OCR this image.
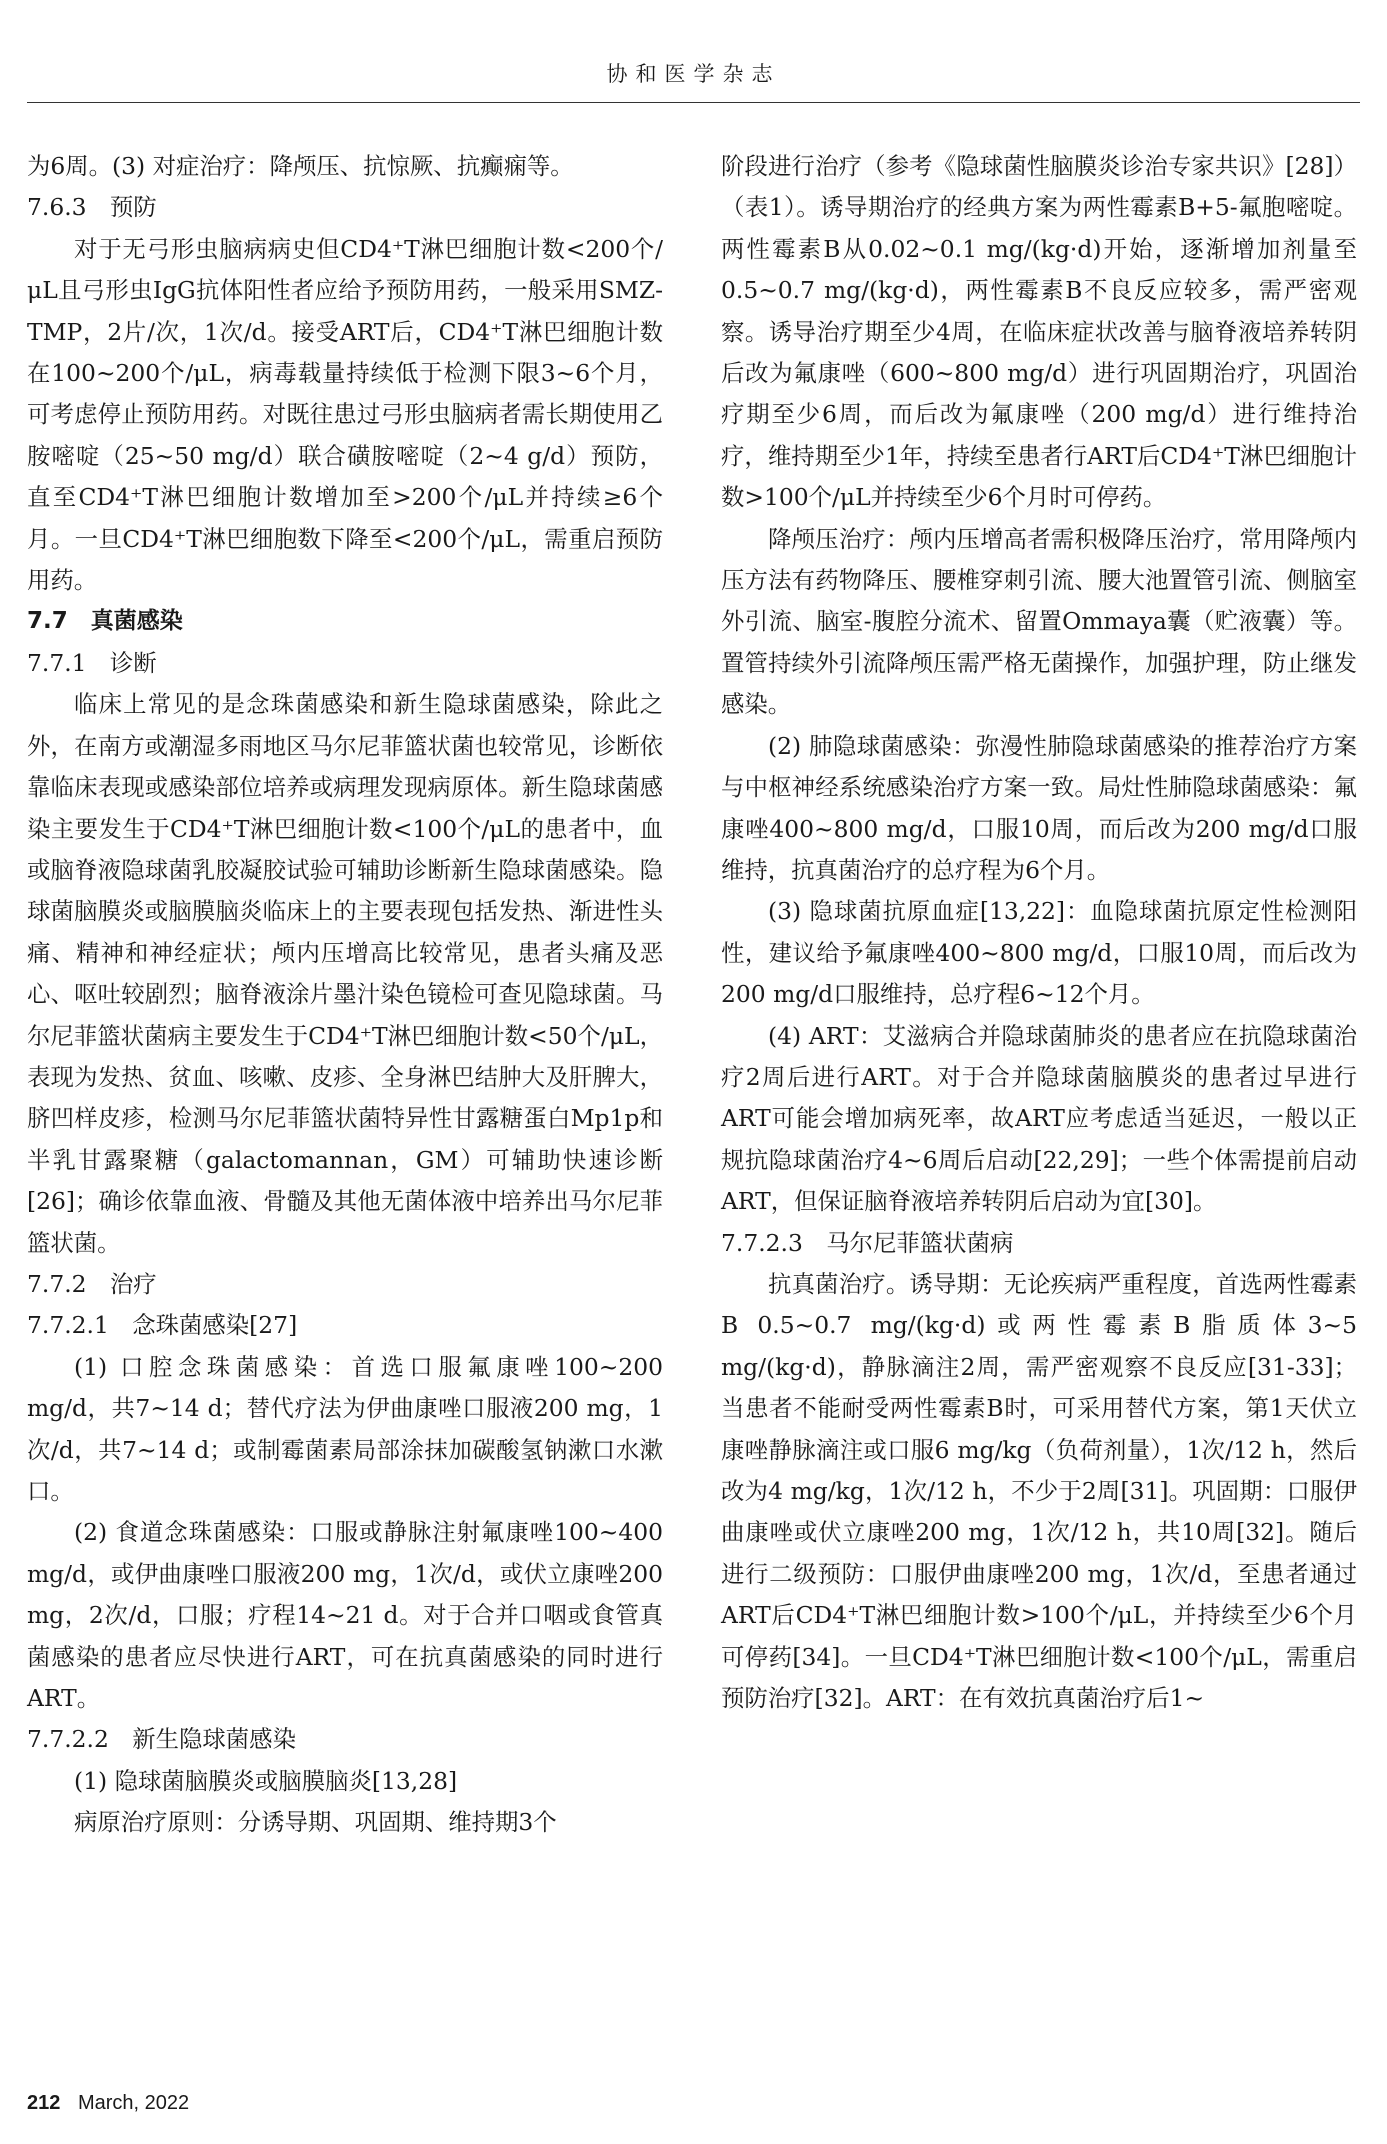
协和医学杂志

为6周。(3) 对症治疗：降颅压、抗惊厥、抗癫痫等。

7.6.3　预防

对于无弓形虫脑病病史但CD4⁺T淋巴细胞计数<200个/μL且弓形虫IgG抗体阳性者应给予预防用药，一般采用SMZ-TMP，2片/次，1次/d。接受ART后，CD4⁺T淋巴细胞计数在100~200个/μL，病毒载量持续低于检测下限3~6个月，可考虑停止预防用药。对既往患过弓形虫脑病者需长期使用乙胺嘧啶（25~50 mg/d）联合磺胺嘧啶（2~4 g/d）预防，直至CD4⁺T淋巴细胞计数增加至>200个/μL并持续≥6个月。一旦CD4⁺T淋巴细胞数下降至<200个/μL，需重启预防用药。

7.7　真菌感染

7.7.1　诊断

临床上常见的是念珠菌感染和新生隐球菌感染，除此之外，在南方或潮湿多雨地区马尔尼菲篮状菌也较常见，诊断依靠临床表现或感染部位培养或病理发现病原体。新生隐球菌感染主要发生于CD4⁺T淋巴细胞计数<100个/μL的患者中，血或脑脊液隐球菌乳胶凝胶试验可辅助诊断新生隐球菌感染。隐球菌脑膜炎或脑膜脑炎临床上的主要表现包括发热、渐进性头痛、精神和神经症状；颅内压增高比较常见，患者头痛及恶心、呕吐较剧烈；脑脊液涂片墨汁染色镜检可查见隐球菌。马尔尼菲篮状菌病主要发生于CD4⁺T淋巴细胞计数<50个/μL，表现为发热、贫血、咳嗽、皮疹、全身淋巴结肿大及肝脾大，脐凹样皮疹，检测马尔尼菲篮状菌特异性甘露糖蛋白Mp1p和半乳甘露聚糖（galactomannan，GM）可辅助快速诊断[26]；确诊依靠血液、骨髓及其他无菌体液中培养出马尔尼菲篮状菌。

7.7.2　治疗

7.7.2.1　念珠菌感染[27]

(1) 口腔念珠菌感染：首选口服氟康唑100~200 mg/d，共7~14 d；替代疗法为伊曲康唑口服液200 mg，1次/d，共7~14 d；或制霉菌素局部涂抹加碳酸氢钠漱口水漱口。

(2) 食道念珠菌感染：口服或静脉注射氟康唑100~400 mg/d，或伊曲康唑口服液200 mg，1次/d，或伏立康唑200 mg，2次/d，口服；疗程14~21 d。对于合并口咽或食管真菌感染的患者应尽快进行ART，可在抗真菌感染的同时进行ART。

7.7.2.2　新生隐球菌感染

(1) 隐球菌脑膜炎或脑膜脑炎[13,28]

病原治疗原则：分诱导期、巩固期、维持期3个

阶段进行治疗（参考《隐球菌性脑膜炎诊治专家共识》[28]）（表1）。诱导期治疗的经典方案为两性霉素B+5-氟胞嘧啶。两性霉素B从0.02~0.1 mg/(kg·d)开始，逐渐增加剂量至0.5~0.7 mg/(kg·d)，两性霉素B不良反应较多，需严密观察。诱导治疗期至少4周，在临床症状改善与脑脊液培养转阴后改为氟康唑（600~800 mg/d）进行巩固期治疗，巩固治疗期至少6周，而后改为氟康唑（200 mg/d）进行维持治疗，维持期至少1年，持续至患者行ART后CD4⁺T淋巴细胞计数>100个/μL并持续至少6个月时可停药。

降颅压治疗：颅内压增高者需积极降压治疗，常用降颅内压方法有药物降压、腰椎穿刺引流、腰大池置管引流、侧脑室外引流、脑室-腹腔分流术、留置Ommaya囊（贮液囊）等。置管持续外引流降颅压需严格无菌操作，加强护理，防止继发感染。

(2) 肺隐球菌感染：弥漫性肺隐球菌感染的推荐治疗方案与中枢神经系统感染治疗方案一致。局灶性肺隐球菌感染：氟康唑400~800 mg/d，口服10周，而后改为200 mg/d口服维持，抗真菌治疗的总疗程为6个月。

(3) 隐球菌抗原血症[13,22]：血隐球菌抗原定性检测阳性，建议给予氟康唑400~800 mg/d，口服10周，而后改为200 mg/d口服维持，总疗程6~12个月。

(4) ART：艾滋病合并隐球菌肺炎的患者应在抗隐球菌治疗2周后进行ART。对于合并隐球菌脑膜炎的患者过早进行ART可能会增加病死率，故ART应考虑适当延迟，一般以正规抗隐球菌治疗4~6周后启动[22,29]；一些个体需提前启动ART，但保证脑脊液培养转阴后启动为宜[30]。

7.7.2.3　马尔尼菲篮状菌病

抗真菌治疗。诱导期：无论疾病严重程度，首选两性霉素B 0.5~0.7 mg/(kg·d)或两性霉素B脂质体3~5 mg/(kg·d)，静脉滴注2周，需严密观察不良反应[31-33]；当患者不能耐受两性霉素B时，可采用替代方案，第1天伏立康唑静脉滴注或口服6 mg/kg（负荷剂量），1次/12 h，然后改为4 mg/kg，1次/12 h，不少于2周[31]。巩固期：口服伊曲康唑或伏立康唑200 mg，1次/12 h，共10周[32]。随后进行二级预防：口服伊曲康唑200 mg，1次/d，至患者通过ART后CD4⁺T淋巴细胞计数>100个/μL，并持续至少6个月可停药[34]。一旦CD4⁺T淋巴细胞计数<100个/μL，需重启预防治疗[32]。ART：在有效抗真菌治疗后1~

212 March, 2022
